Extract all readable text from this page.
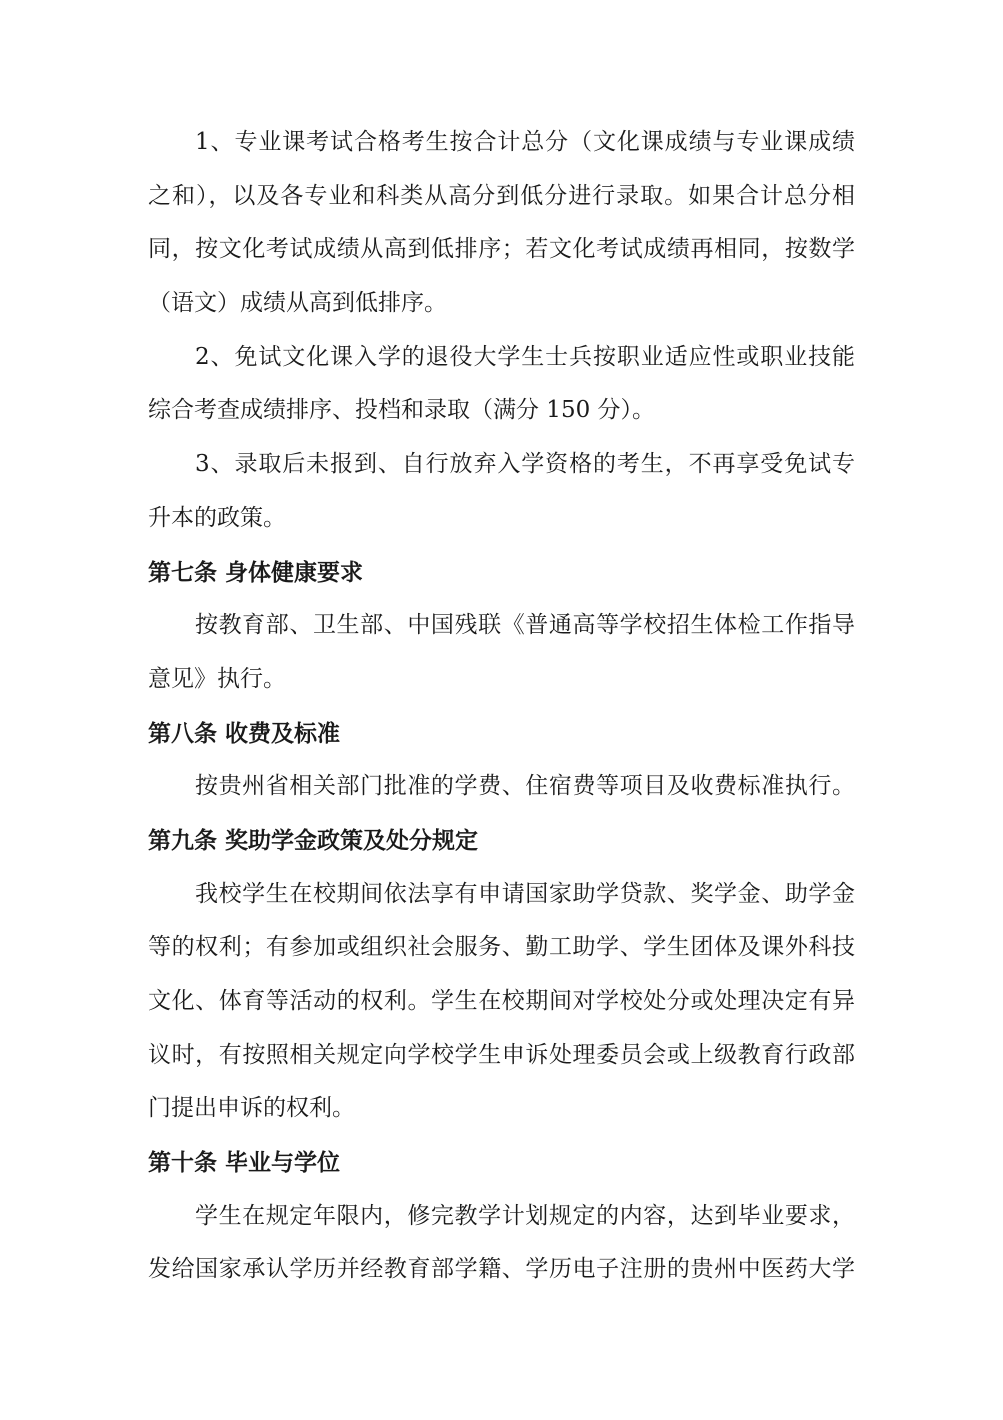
1、专业课考试合格考生按合计总分（文化课成绩与专业课成绩
之和），以及各专业和科类从高分到低分进行录取。如果合计总分相
同，按文化考试成绩从高到低排序；若文化考试成绩再相同，按数学
（语文）成绩从高到低排序。
2、免试文化课入学的退役大学生士兵按职业适应性或职业技能
综合考查成绩排序、投档和录取（满分 150 分）。
3、录取后未报到、自行放弃入学资格的考生，不再享受免试专
升本的政策。
第七条 身体健康要求
按教育部、卫生部、中国残联《普通高等学校招生体检工作指导
意见》执行。
第八条 收费及标准
按贵州省相关部门批准的学费、住宿费等项目及收费标准执行。
第九条 奖助学金政策及处分规定
我校学生在校期间依法享有申请国家助学贷款、奖学金、助学金
等的权利；有参加或组织社会服务、勤工助学、学生团体及课外科技
文化、体育等活动的权利。学生在校期间对学校处分或处理决定有异
议时，有按照相关规定向学校学生申诉处理委员会或上级教育行政部
门提出申诉的权利。
第十条 毕业与学位
学生在规定年限内，修完教学计划规定的内容，达到毕业要求，
发给国家承认学历并经教育部学籍、学历电子注册的贵州中医药大学
